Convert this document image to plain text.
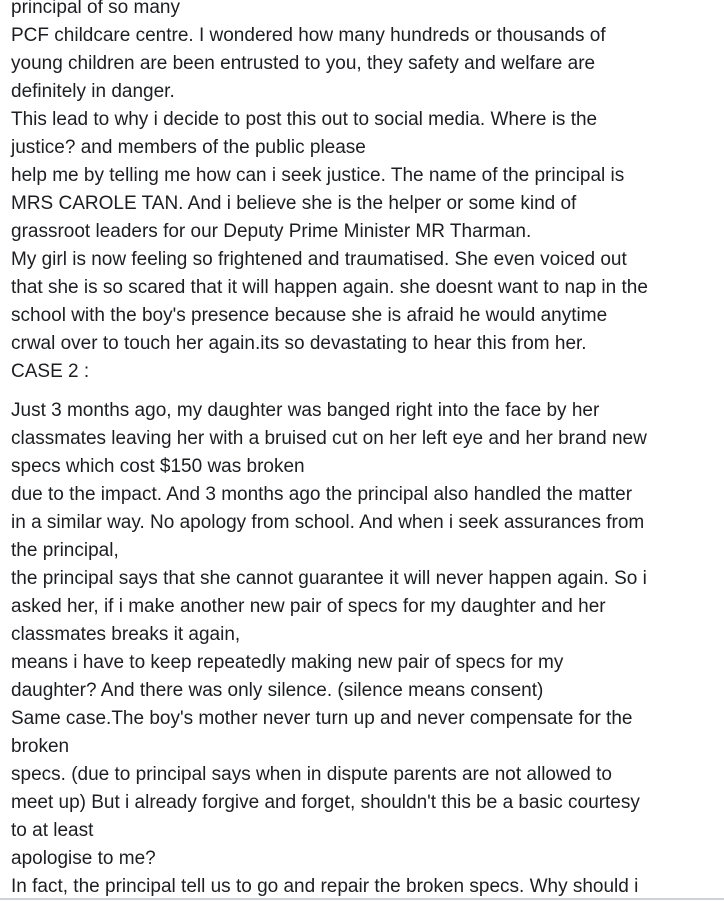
principal of so many
PCF childcare centre. I wondered how many hundreds or thousands of
young children are been entrusted to you, they safety and welfare are
definitely in danger.
This lead to why i decide to post this out to social media. Where is the
justice? and members of the public please
help me by telling me how can i seek justice. The name of the principal is
MRS CAROLE TAN. And i believe she is the helper or some kind of
grassroot leaders for our Deputy Prime Minister MR Tharman.
My girl is now feeling so frightened and traumatised. She even voiced out
that she is so scared that it will happen again. she doesnt want to nap in the
school with the boy's presence because she is afraid he would anytime
crwal over to touch her again.its so devastating to hear this from her.
CASE 2 :
Just 3 months ago, my daughter was banged right into the face by her
classmates leaving her with a bruised cut on her left eye and her brand new
specs which cost $150 was broken
due to the impact. And 3 months ago the principal also handled the matter
in a similar way. No apology from school. And when i seek assurances from
the principal,
the principal says that she cannot guarantee it will never happen again. So i
asked her, if i make another new pair of specs for my daughter and her
classmates breaks it again,
means i have to keep repeatedly making new pair of specs for my
daughter? And there was only silence. (silence means consent)
Same case.The boy's mother never turn up and never compensate for the
broken
specs. (due to principal says when in dispute parents are not allowed to
meet up) But i already forgive and forget, shouldn't this be a basic courtesy
to at least
apologise to me?
In fact, the principal tell us to go and repair the broken specs. Why should i
